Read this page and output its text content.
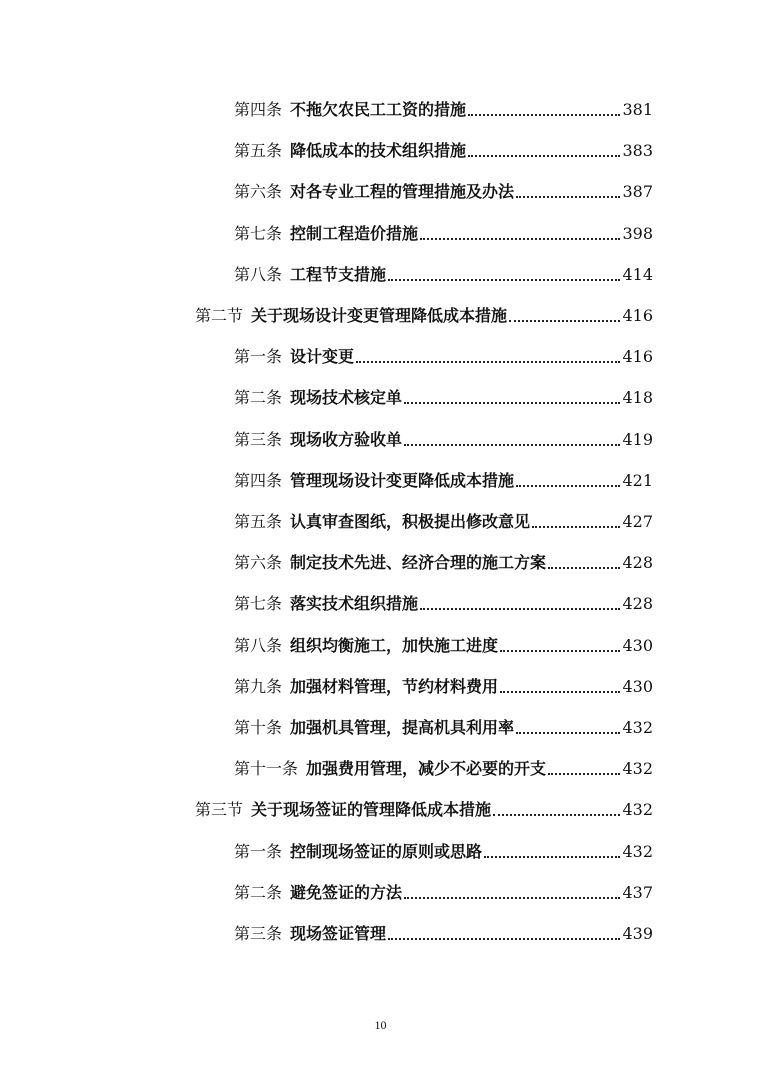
第四条 不拖欠农民工工资的措施	381
第五条 降低成本的技术组织措施	383
第六条 对各专业工程的管理措施及办法	387
第七条 控制工程造价措施	398
第八条 工程节支措施	414
第二节 关于现场设计变更管理降低成本措施	416
第一条 设计变更	416
第二条 现场技术核定单	418
第三条 现场收方验收单	419
第四条 管理现场设计变更降低成本措施	421
第五条 认真审查图纸，积极提出修改意见	427
第六条 制定技术先进、经济合理的施工方案	428
第七条 落实技术组织措施	428
第八条 组织均衡施工，加快施工进度	430
第九条 加强材料管理，节约材料费用	430
第十条 加强机具管理，提高机具利用率	432
第十一条 加强费用管理，减少不必要的开支	432
第三节 关于现场签证的管理降低成本措施	432
第一条 控制现场签证的原则或思路	432
第二条 避免签证的方法	437
第三条 现场签证管理	439
10
